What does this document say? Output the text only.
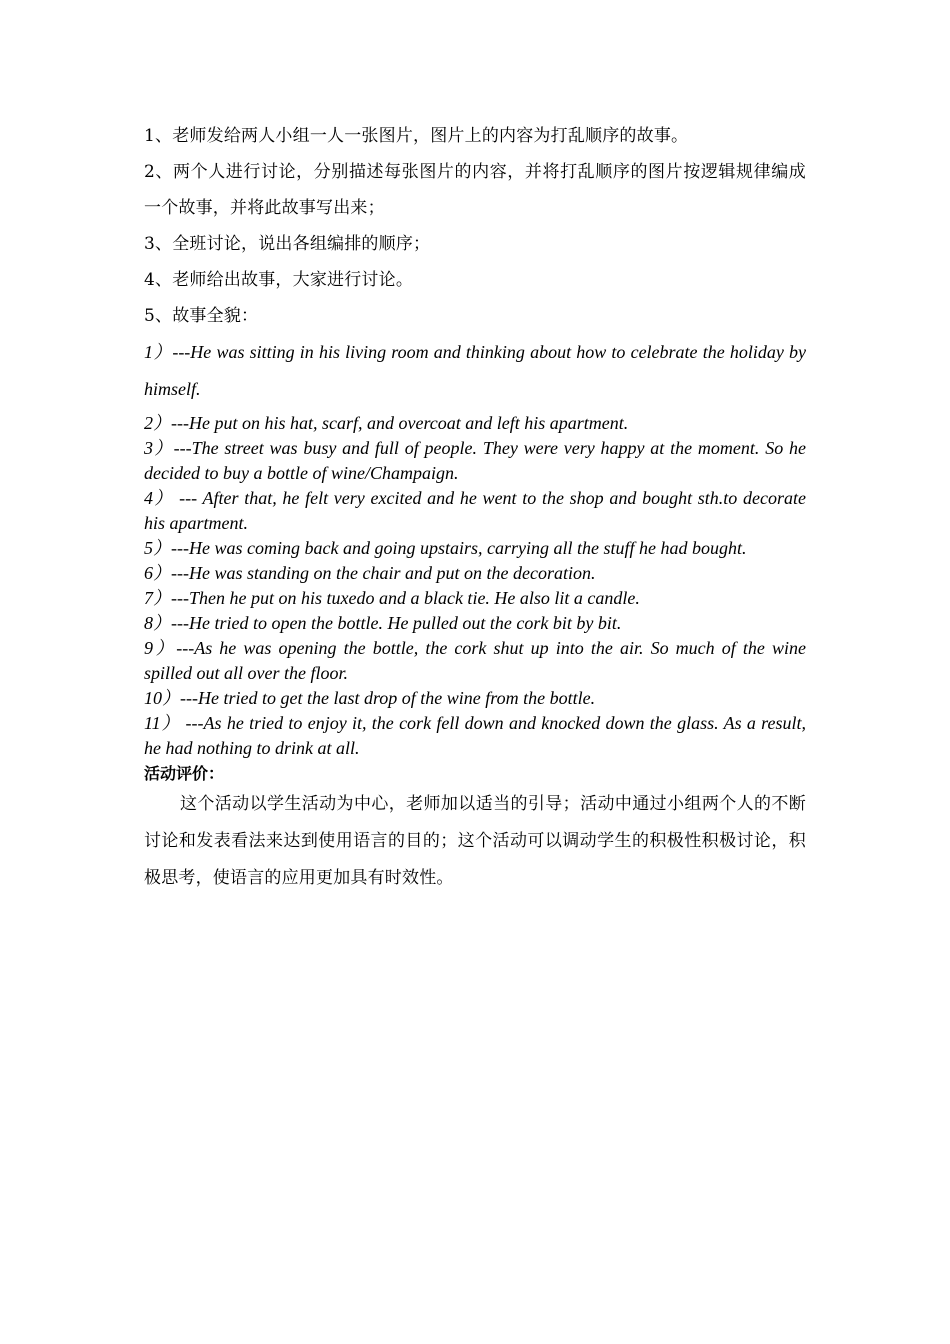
1、老师发给两人小组一人一张图片，图片上的内容为打乱顺序的故事。

2、两个人进行讨论，分别描述每张图片的内容，并将打乱顺序的图片按逻辑规律编成一个故事，并将此故事写出来；

3、全班讨论，说出各组编排的顺序；

4、老师给出故事，大家进行讨论。

5、故事全貌：

1）---He was sitting in his living room and thinking about how to celebrate the holiday by himself.

2）---He put on his hat, scarf, and overcoat and left his apartment.

3）---The street was busy and full of people. They were very happy at the moment. So he decided to buy a bottle of wine/Champaign.

4） --- After that, he felt very excited and he went to the shop and bought sth.to decorate his apartment.

5）---He was coming back and going upstairs, carrying all the stuff he had bought.

6）---He was standing on the chair and put on the decoration.

7）---Then he put on his tuxedo and a black tie. He also lit a candle.

8）---He tried to open the bottle. He pulled out the cork bit by bit.

9）---As he was opening the bottle, the cork shut up into the air. So much of the wine spilled out all over the floor.

10）---He tried to get the last drop of the wine from the bottle.

11） ---As he tried to enjoy it, the cork fell down and knocked down the glass. As a result, he had nothing to drink at all.

活动评价：

这个活动以学生活动为中心，老师加以适当的引导；活动中通过小组两个人的不断讨论和发表看法来达到使用语言的目的；这个活动可以调动学生的积极性积极讨论，积极思考，使语言的应用更加具有时效性。
